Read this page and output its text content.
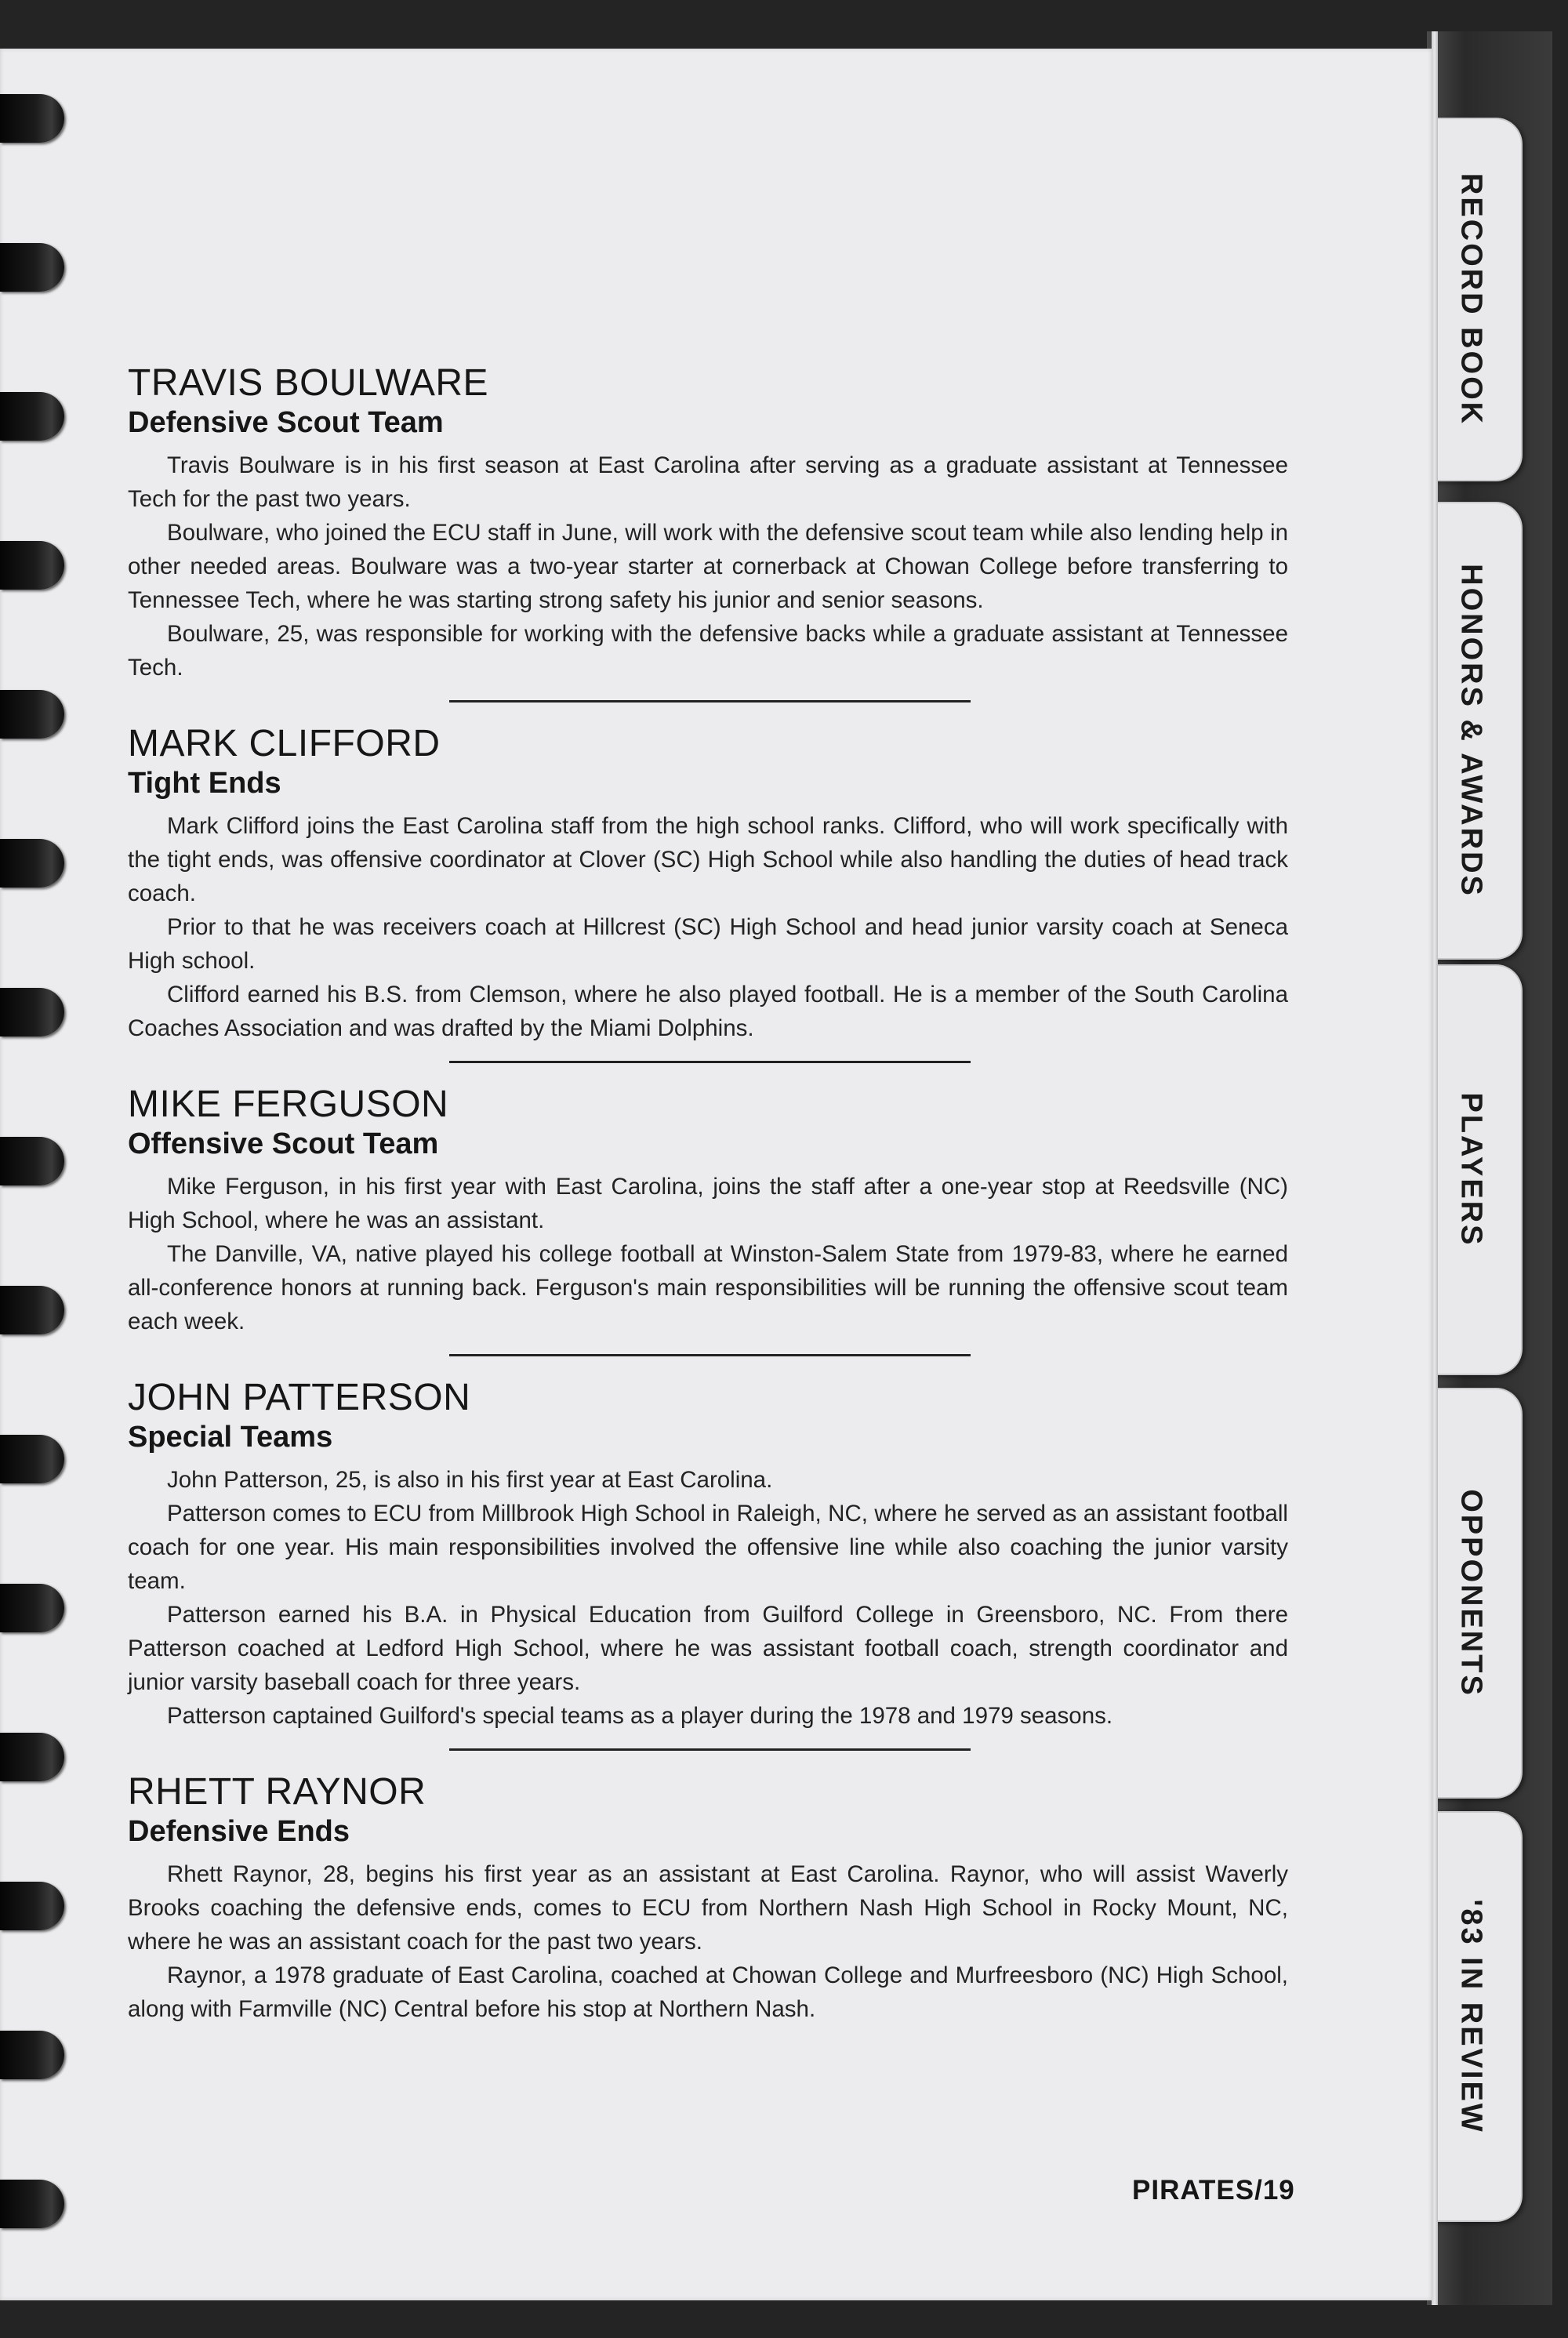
RECORD BOOK
HONORS & AWARDS
PLAYERS
OPPONENTS
'83 IN REVIEW
TRAVIS BOULWARE
Defensive Scout Team

Travis Boulware is in his first season at East Carolina after serving as a graduate assistant at Tennessee Tech for the past two years.

Boulware, who joined the ECU staff in June, will work with the defensive scout team while also lending help in other needed areas. Boulware was a two-year starter at cornerback at Chowan College before transferring to Tennessee Tech, where he was starting strong safety his junior and senior seasons.

Boulware, 25, was responsible for working with the defensive backs while a graduate assistant at Tennessee Tech.

MARK CLIFFORD
Tight Ends

Mark Clifford joins the East Carolina staff from the high school ranks. Clifford, who will work specifically with the tight ends, was offensive coordinator at Clover (SC) High School while also handling the duties of head track coach.

Prior to that he was receivers coach at Hillcrest (SC) High School and head junior varsity coach at Seneca High school.

Clifford earned his B.S. from Clemson, where he also played football. He is a member of the South Carolina Coaches Association and was drafted by the Miami Dolphins.

MIKE FERGUSON
Offensive Scout Team

Mike Ferguson, in his first year with East Carolina, joins the staff after a one-year stop at Reedsville (NC) High School, where he was an assistant.

The Danville, VA, native played his college football at Winston-Salem State from 1979-83, where he earned all-conference honors at running back. Ferguson's main responsibilities will be running the offensive scout team each week.

JOHN PATTERSON
Special Teams

John Patterson, 25, is also in his first year at East Carolina.

Patterson comes to ECU from Millbrook High School in Raleigh, NC, where he served as an assistant football coach for one year. His main responsibilities involved the offensive line while also coaching the junior varsity team.

Patterson earned his B.A. in Physical Education from Guilford College in Greensboro, NC. From there Patterson coached at Ledford High School, where he was assistant football coach, strength coordinator and junior varsity baseball coach for three years.

Patterson captained Guilford's special teams as a player during the 1978 and 1979 seasons.

RHETT RAYNOR
Defensive Ends

Rhett Raynor, 28, begins his first year as an assistant at East Carolina. Raynor, who will assist Waverly Brooks coaching the defensive ends, comes to ECU from Northern Nash High School in Rocky Mount, NC, where he was an assistant coach for the past two years.

Raynor, a 1978 graduate of East Carolina, coached at Chowan College and Murfreesboro (NC) High School, along with Farmville (NC) Central before his stop at Northern Nash.

PIRATES/19
